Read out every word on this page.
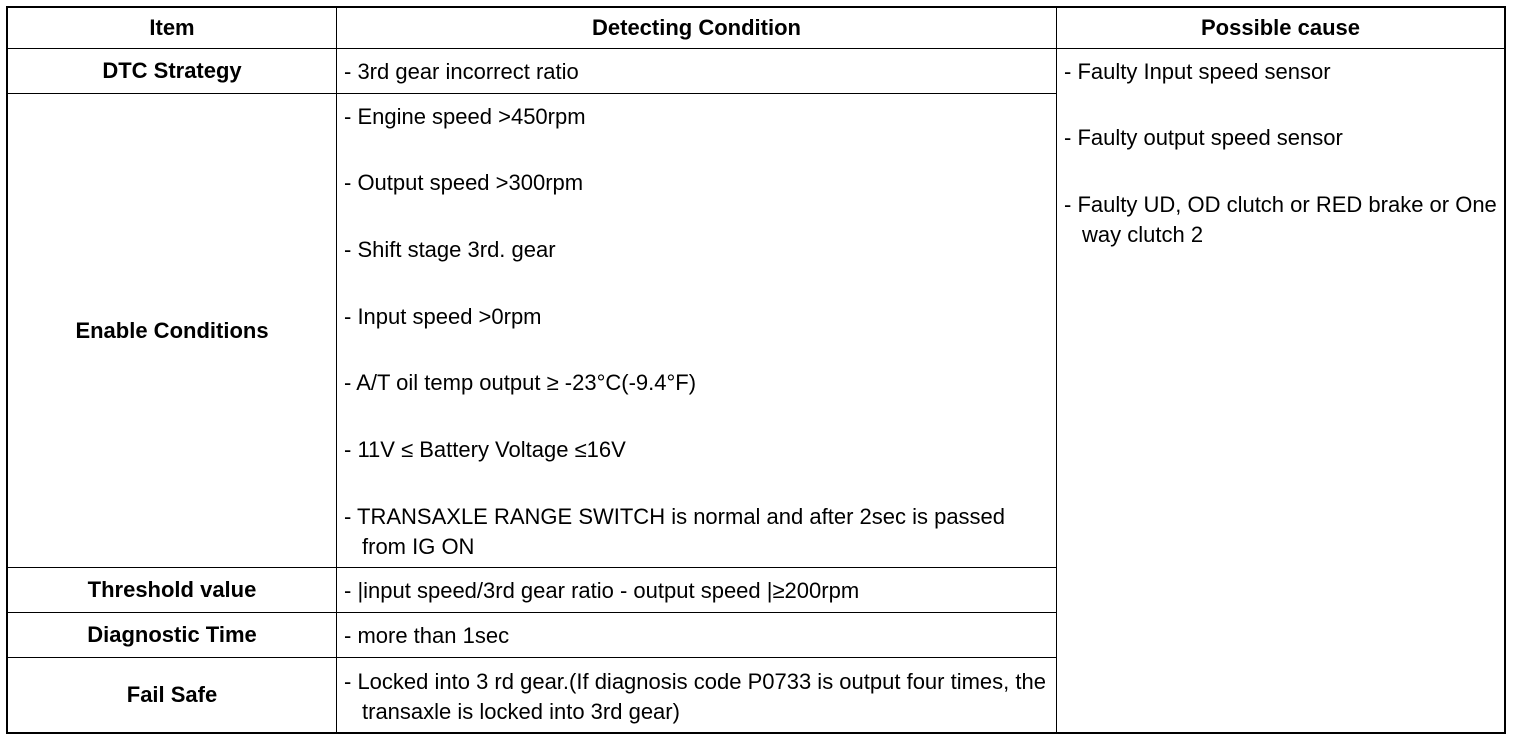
Item	Detecting Condition	Possible cause
DTC Strategy
Enable Conditions
Threshold value
Diagnostic Time
Fail Safe
- 3rd gear incorrect ratio
- Engine speed >450rpm
- Output speed >300rpm
- Shift stage 3rd. gear
- Input speed >0rpm
- A/T oil temp output ≥ -23°C(-9.4°F)
- 11V ≤ Battery Voltage ≤16V
- TRANSAXLE RANGE SWITCH is normal and after 2sec is passed from IG ON
- |input speed/3rd gear ratio - output speed |≥200rpm
- more than 1sec
- Locked into 3 rd gear.(If diagnosis code P0733 is output four times, the transaxle is locked into 3rd gear)
- Faulty Input speed sensor
- Faulty output speed sensor
- Faulty UD, OD clutch or RED brake or One way clutch 2
